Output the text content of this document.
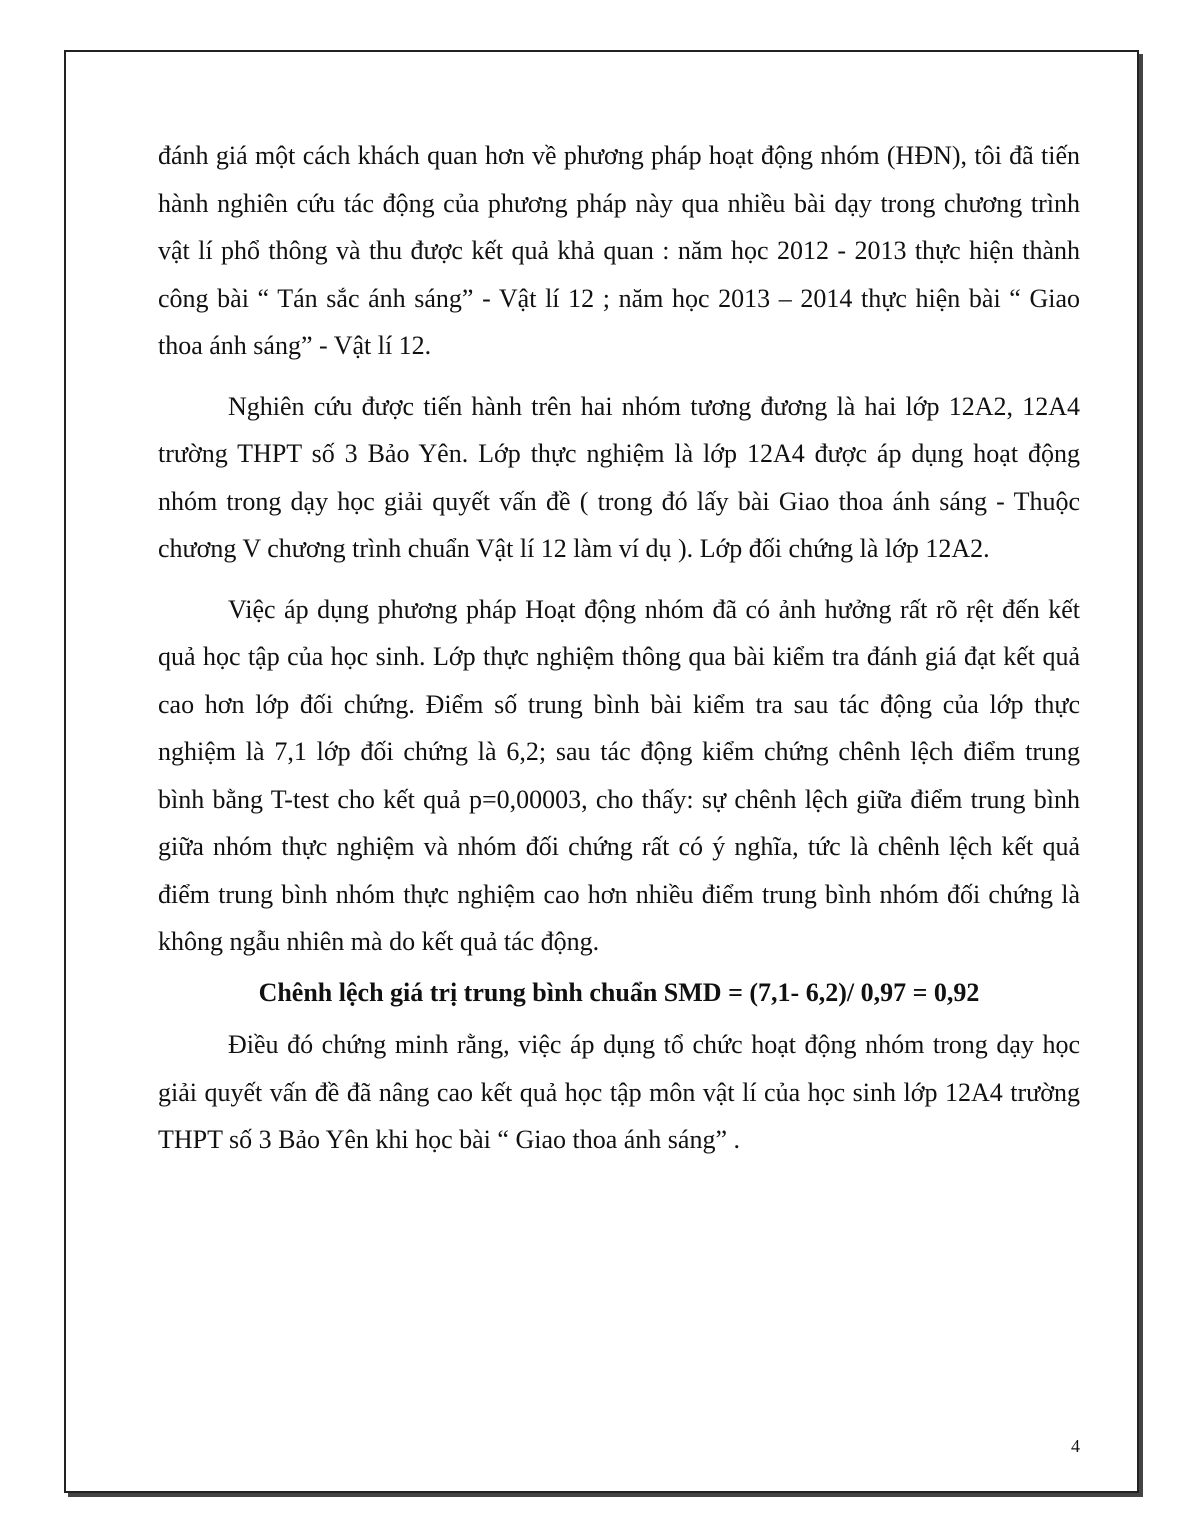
đánh giá một cách khách quan hơn về phương pháp hoạt động nhóm (HĐN), tôi đã tiến hành nghiên cứu tác động của phương pháp này qua nhiều bài dạy trong chương trình vật lí phổ thông và thu được kết quả khả quan : năm học 2012 - 2013 thực hiện thành công bài “ Tán sắc ánh sáng” - Vật lí 12 ; năm học 2013 – 2014 thực hiện bài “ Giao thoa ánh sáng” - Vật lí 12.

Nghiên cứu được tiến hành trên hai nhóm tương đương là hai lớp 12A2, 12A4 trường THPT số 3 Bảo Yên. Lớp thực nghiệm là lớp 12A4 được áp dụng hoạt động nhóm trong dạy học giải quyết vấn đề ( trong đó lấy bài Giao thoa ánh sáng - Thuộc chương V chương trình chuẩn Vật lí 12 làm ví dụ ). Lớp đối chứng là lớp 12A2.

Việc áp dụng phương pháp Hoạt động nhóm đã có ảnh hưởng rất rõ rệt đến kết quả học tập của học sinh. Lớp thực nghiệm thông qua bài kiểm tra đánh giá đạt kết quả cao hơn lớp đối chứng. Điểm số trung bình bài kiểm tra sau tác động của lớp thực nghiệm là 7,1 lớp đối chứng là 6,2; sau tác động kiểm chứng chênh lệch điểm trung bình bằng T-test cho kết quả p=0,00003, cho thấy: sự chênh lệch giữa điểm trung bình giữa nhóm thực nghiệm và nhóm đối chứng rất có ý nghĩa, tức là chênh lệch kết quả điểm trung bình nhóm thực nghiệm cao hơn nhiều điểm trung bình nhóm đối chứng là không ngẫu nhiên mà do kết quả tác động.

Chênh lệch giá trị trung bình chuẩn SMD = (7,1- 6,2)/ 0,97 = 0,92

Điều đó chứng minh rằng, việc áp dụng tổ chức hoạt động nhóm trong dạy học giải quyết vấn đề đã nâng cao kết quả học tập môn vật lí của học sinh lớp 12A4 trường THPT số 3 Bảo Yên khi học bài “ Giao thoa ánh sáng” .

4
